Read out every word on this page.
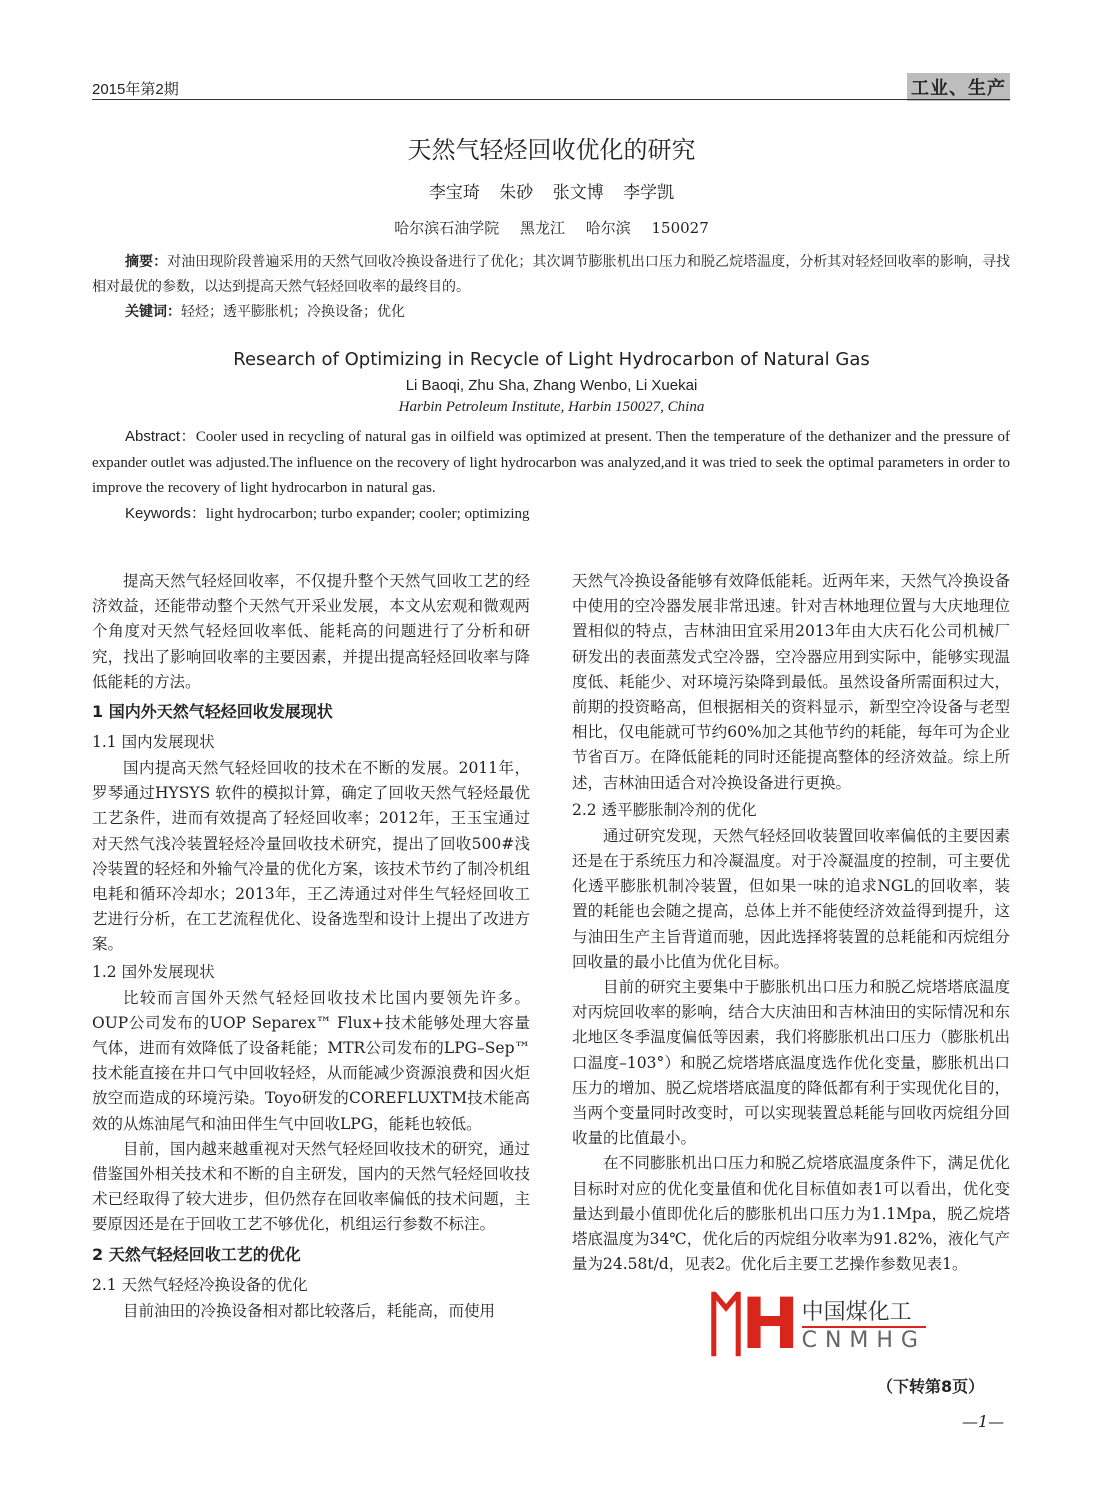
2015年第2期	工业、生产
天然气轻烃回收优化的研究
李宝琦 朱砂 张文博 李学凯
哈尔滨石油学院 黑龙江 哈尔滨 150027
摘要：对油田现阶段普遍采用的天然气回收冷换设备进行了优化；其次调节膨胀机出口压力和脱乙烷塔温度，分析其对轻烃回收率的影响，寻找相对最优的参数，以达到提高天然气轻烃回收率的最终目的。
关键词：轻烃；透平膨胀机；冷换设备；优化
Research of Optimizing in Recycle of Light Hydrocarbon of Natural Gas
Li Baoqi, Zhu Sha, Zhang Wenbo, Li Xuekai
Harbin Petroleum Institute, Harbin 150027, China
Abstract：Cooler used in recycling of natural gas in oilfield was optimized at present. Then the temperature of the dethanizer and the pressure of expander outlet was adjusted.The influence on the recovery of light hydrocarbon was analyzed,and it was tried to seek the optimal parameters in order to improve the recovery of light hydrocarbon in natural gas.
Keywords：light hydrocarbon; turbo expander; cooler; optimizing

提高天然气轻烃回收率，不仅提升整个天然气回收工艺的经济效益，还能带动整个天然气开采业发展，本文从宏观和微观两个角度对天然气轻烃回收率低、能耗高的问题进行了分析和研究，找出了影响回收率的主要因素，并提出提高轻烃回收率与降低能耗的方法。

1 国内外天然气轻烃回收发展现状

1.1 国内发展现状

国内提高天然气轻烃回收的技术在不断的发展。2011年，罗琴通过HYSYS 软件的模拟计算，确定了回收天然气轻烃最优工艺条件，进而有效提高了轻烃回收率；2012年，王玉宝通过对天然气浅冷装置轻烃冷量回收技术研究，提出了回收500#浅冷装置的轻烃和外输气冷量的优化方案，该技术节约了制冷机组电耗和循环冷却水；2013年，王乙涛通过对伴生气轻烃回收工艺进行分析，在工艺流程优化、设备选型和设计上提出了改进方案。

1.2 国外发展现状

比较而言国外天然气轻烃回收技术比国内要领先许多。OUP公司发布的UOP Separex™ Flux+技术能够处理大容量气体，进而有效降低了设备耗能；MTR公司发布的LPG–Sep™技术能直接在井口气中回收轻烃，从而能减少资源浪费和因火炬放空而造成的环境污染。Toyo研发的COREFLUXTM技术能高效的从炼油尾气和油田伴生气中回收LPG，能耗也较低。

目前，国内越来越重视对天然气轻烃回收技术的研究，通过借鉴国外相关技术和不断的自主研发，国内的天然气轻烃回收技术已经取得了较大进步，但仍然存在回收率偏低的技术问题，主要原因还是在于回收工艺不够优化，机组运行参数不标注。

2 天然气轻烃回收工艺的优化

2.1 天然气轻烃冷换设备的优化

目前油田的冷换设备相对都比较落后，耗能高，而使用

天然气冷换设备能够有效降低能耗。近两年来，天然气冷换设备中使用的空冷器发展非常迅速。针对吉林地理位置与大庆地理位置相似的特点，吉林油田宜采用2013年由大庆石化公司机械厂研发出的表面蒸发式空冷器，空冷器应用到实际中，能够实现温度低、耗能少、对环境污染降到最低。虽然设备所需面积过大，前期的投资略高，但根据相关的资料显示，新型空冷设备与老型相比，仅电能就可节约60%加之其他节约的耗能，每年可为企业节省百万。在降低能耗的同时还能提高整体的经济效益。综上所述，吉林油田适合对冷换设备进行更换。

2.2 透平膨胀制冷剂的优化

通过研究发现，天然气轻烃回收装置回收率偏低的主要因素还是在于系统压力和冷凝温度。对于冷凝温度的控制，可主要优化透平膨胀机制冷装置，但如果一味的追求NGL的回收率，装置的耗能也会随之提高，总体上并不能使经济效益得到提升，这与油田生产主旨背道而驰，因此选择将装置的总耗能和丙烷组分回收量的最小比值为优化目标。

目前的研究主要集中于膨胀机出口压力和脱乙烷塔塔底温度对丙烷回收率的影响，结合大庆油田和吉林油田的实际情况和东北地区冬季温度偏低等因素，我们将膨胀机出口压力（膨胀机出口温度–103°）和脱乙烷塔塔底温度选作优化变量，膨胀机出口压力的增加、脱乙烷塔塔底温度的降低都有利于实现优化目的，当两个变量同时改变时，可以实现装置总耗能与回收丙烷组分回收量的比值最小。

在不同膨胀机出口压力和脱乙烷塔底温度条件下，满足优化目标时对应的优化变量值和优化目标值如表1可以看出，优化变量达到最小值即优化后的膨胀机出口压力为1.1Mpa，脱乙烷塔塔底温度为34℃，优化后的丙烷组分收率为91.82%，液化气产量为24.58t/d，见表2。优化后主要工艺操作参数见表1。

ᛖΗ 中国煤化工
CNMHG
（下转第8页）
—1—
